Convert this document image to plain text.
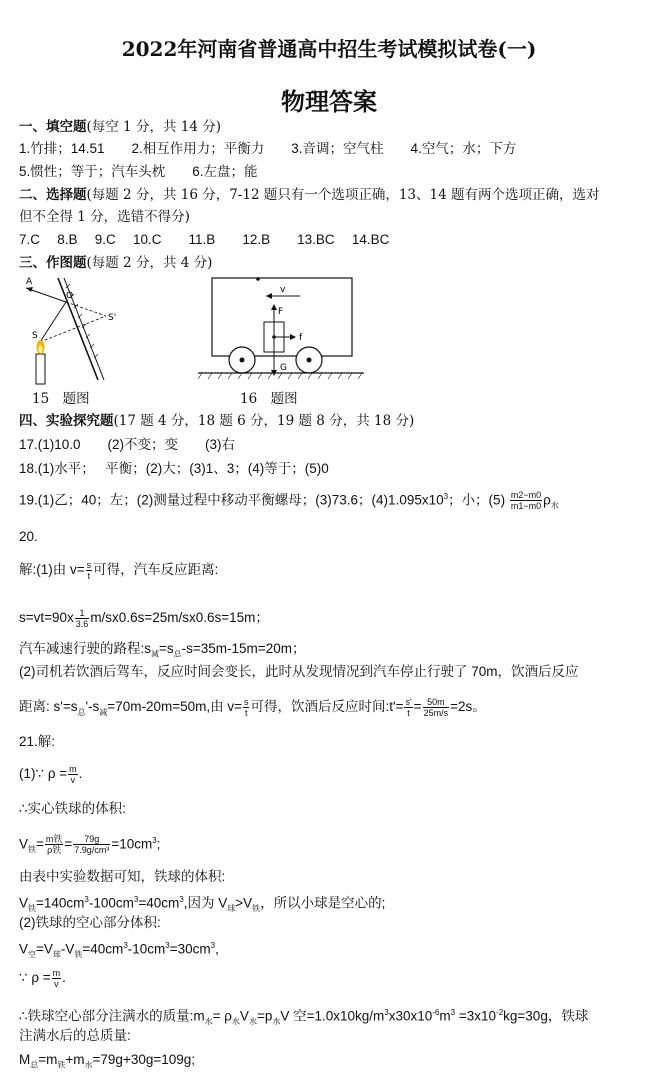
2022年河南省普通高中招生考试模拟试卷(一)
物理答案
一、填空题(每空 1 分，共 14 分)
1.竹排；14.51　　2.相互作用力；平衡力　　3.音调；空气柱　　4.空气；水；下方
5.惯性；等于；汽车头枕　　6.左盘；能
二、选择题(每题 2 分，共 16 分，7-12 题只有一个选项正确，13、14 题有两个选项正确，选对
但不全得 1 分，选错不得分)
7.C　 8.B　 9.C　 10.C　　11.B　　12.B　　13.BC　 14.BC
三、作图题(每题 2 分，共 4 分)
A
O
S'
S
15　题图
v
F
f
G
16　题图
四、实验探究题(17 题 4 分，18 题 6 分，19 题 8 分，共 18 分)
17.(1)10.0　　(2)不变；变　　(3)右
18.(1)水平；　 平衡；(2)大；(3)1、3；(4)等于；(5)0
19.(1)乙；40；左；(2)测量过程中移动平衡螺母；(3)73.6；$(4)1.095x10^3$；小；$(5) \frac{m2-m0}{m1-m0} \rho_水$
20.
解:(1)由 $v= \frac{s}{t}$ 可得，汽车反应距离:
$s=vt=90x \frac{1}{3.6} m/sx0.6s=25m/sx0.6s=15m$；
汽车减速行驶的路程$:s_减=s_总-s=35m-15m=20m$；
(2)司机若饮酒后驾车，反应时间会变长，此时从发现情况到汽车停止行驶了 70m，饮酒后反应
距离: $s'=s_总'-s_减=70m-20m=50m$,由 $v= \frac{s}{t}$ 可得，饮酒后反应时间:t'= $\frac{s'}{t} = \frac{50m}{25m/s} =2s$。
21.解:
(1)∵ $\rho = \frac{m}{v}$ .
∴实心铁球的体积:
$V_铁= \frac{\text{m铁}}{\text{ρ铁}} = \frac{79g}{\text{7.9g/cm³}} =10cm^3$;
由表中实验数据可知，铁球的体积:
$V_铁=140cm^3-100cm^3=40cm^3$,因为 $V_球>V_铁$，所以小球是空心的;
(2)铁球的空心部分体积:
$V_空=V_球-V_铁=40cm^3-10cm^3=30cm^3$,
∵ $\rho = \frac{m}{v}$ .
∴铁球空心部分注满水的质量$:m_水= \rho_水V_水=p_水V$ 空$=1.0x10kg/m^3x30x10^{-6}m^3 =3x10^{-2}kg=30g$，铁球
注满水后的总质量:
$M_总=m_铁+m_水=79g+30g=109g$;
